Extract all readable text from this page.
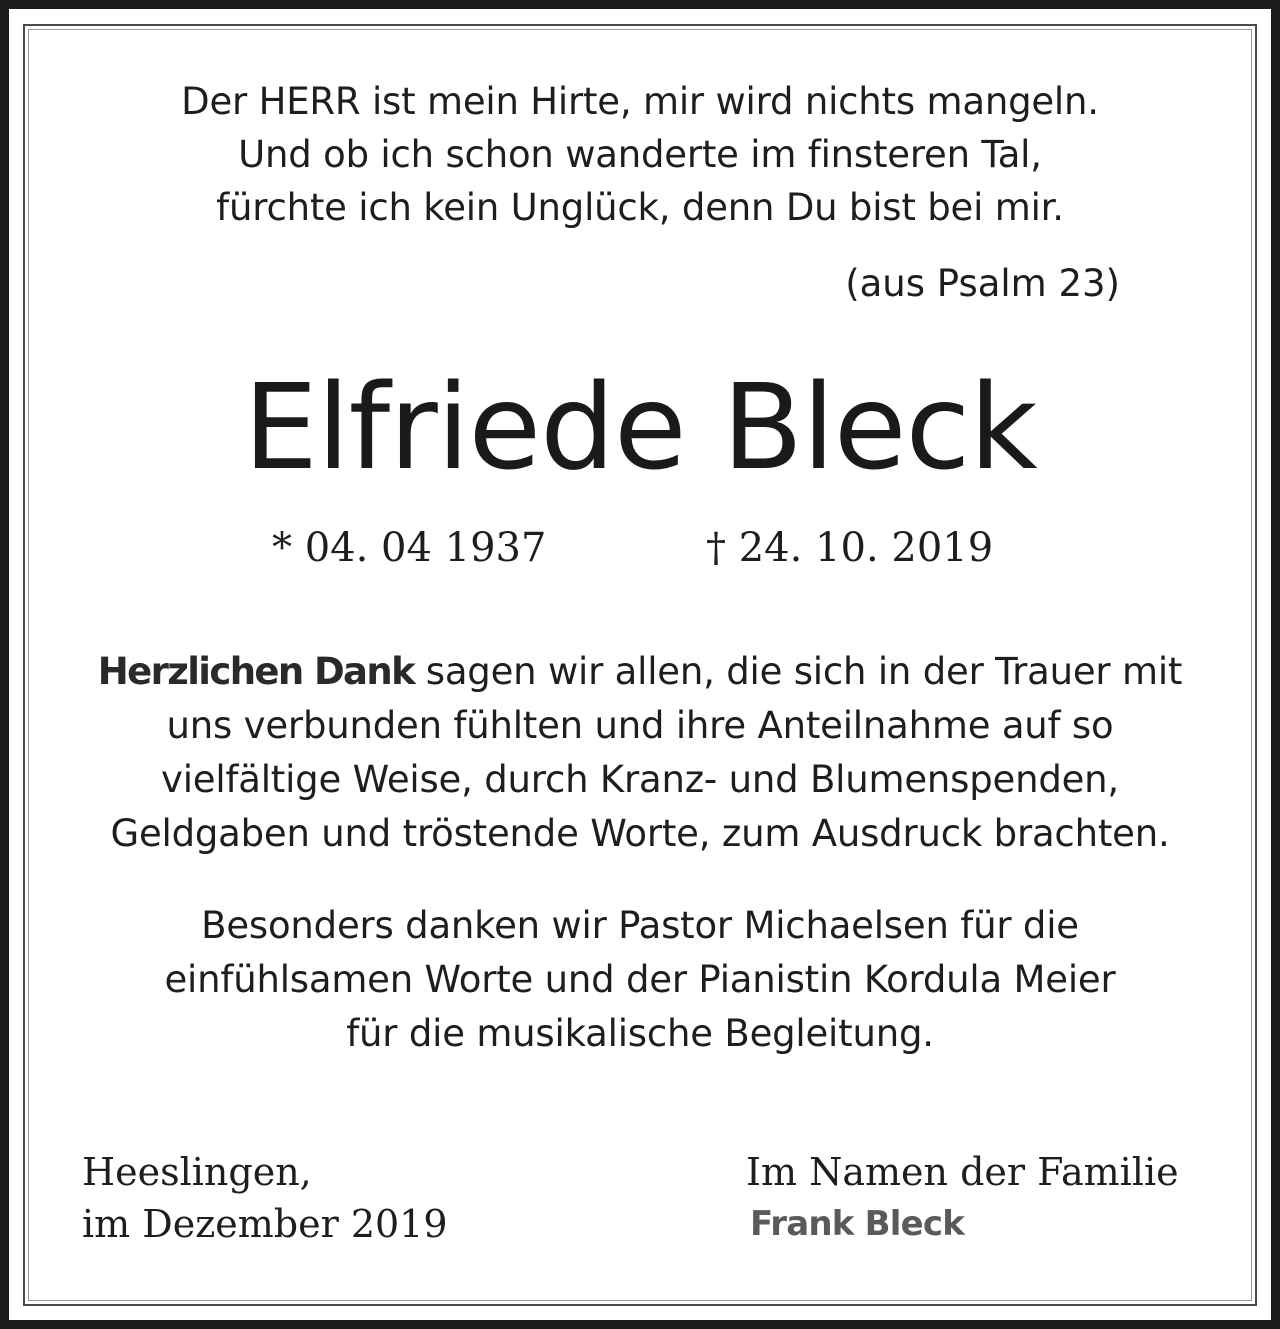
Der HERR ist mein Hirte, mir wird nichts mangeln.
Und ob ich schon wanderte im finsteren Tal,
fürchte ich kein Unglück, denn Du bist bei mir.
(aus Psalm 23)
Elfriede Bleck
* 04. 04 1937	† 24. 10. 2019
Herzlichen Dank sagen wir allen, die sich in der Trauer mit
uns verbunden fühlten und ihre Anteilnahme auf so
vielfältige Weise, durch Kranz- und Blumenspenden,
Geldgaben und tröstende Worte, zum Ausdruck brachten.
Besonders danken wir Pastor Michaelsen für die
einfühlsamen Worte und der Pianistin Kordula Meier
für die musikalische Begleitung.
Heeslingen,
im Dezember 2019
Im Namen der Familie
Frank Bleck
